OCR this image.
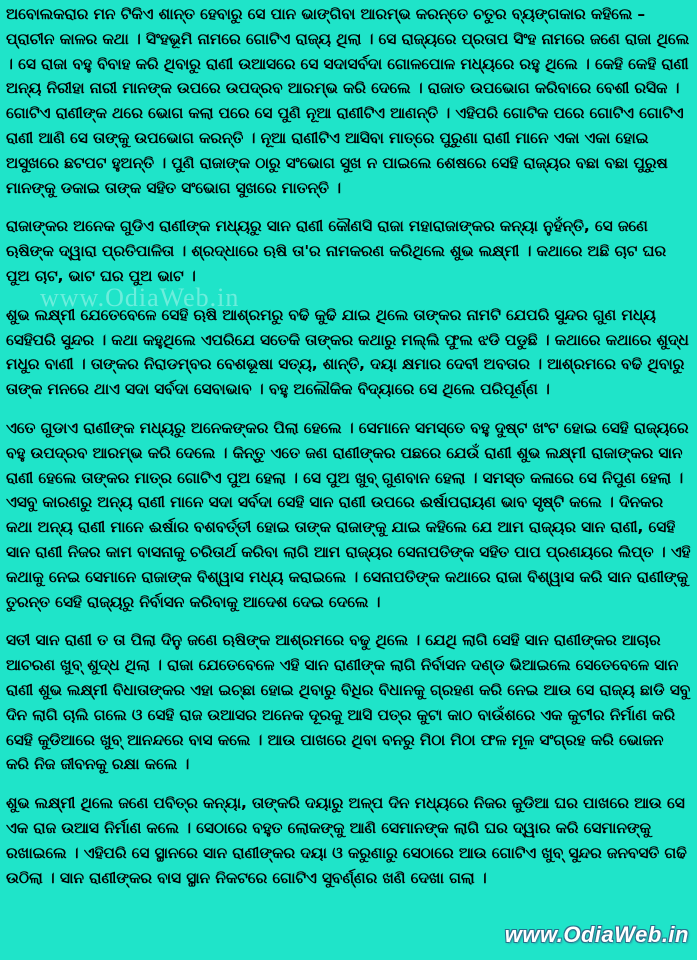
ଅବୋଲକରାର ମନ ଟିକିଏ ଶାନ୍ତ ହେବାରୁ ସେ ପାନ ଭାଙ୍ଗିବା ଆରମ୍ଭ କରନ୍ତେ ଚତୁର ବ୍ୟଙ୍ଗକାର କହିଲେ – ପ୍ରାଚୀନ କାଳର କଥା । ସିଂହଭୂମି ନାମରେ ଗୋଟିଏ ରାଜ୍ୟ ଥିଲା । ସେ ରାଜ୍ୟରେ ପ୍ରତାପ ସିଂହ ନାମରେ ଜଣେ ରାଜା ଥିଲେ । ସେ ରାଜା ବହୁ ବିବାହ କରି ଥିବାରୁ ରାଣୀ ଉଆସରେ ସେ ସଦାସର୍ବଦା ଗୋଳପୋଳ ମଧ୍ୟରେ ରହୁ ଥିଲେ । କେହି କେହି ରାଣୀ ଅନ୍ୟ ନିରୀହା ନାରୀ ମାନଙ୍କ ଉପରେ ଉପଦ୍ରବ ଆରମ୍ଭ କରି ଦେଲେ । ରାଜାତ ଉପଭୋଗ କରିବାରେ ବେଶୀ ରସିକ । ଗୋଟିଏ ରାଣୀଙ୍କ ଥରେ ଭୋଗ କଲା ପରେ ସେ ପୁଣି ନୂଆ ରାଣୀଟିଏ ଆଣନ୍ତି । ଏହିପରି ଗୋଟିକ ପରେ ଗୋଟିଏ ଗୋଟିଏ ରାଣୀ ଆଣି ସେ ତାଙ୍କୁ ଉପଭୋଗ କରନ୍ତି । ନୂଆ ରାଣୀଟିଏ ଆସିବା ମାତ୍ରେ ପୁରୁଣା ରାଣୀ ମାନେ ଏକା ଏକା ହୋଇ ଅସୁଖରେ ଛଟପଟ ହୁଅନ୍ତି । ପୁଣି ରାଜାଙ୍କ ଠାରୁ ସଂଭୋଗ ସୁଖ ନ ପାଇଲେ ଶେଷରେ ସେହି ରାଜ୍ୟର ବଛା ବଛା ପୁରୁଷ ମାନଙ୍କୁ ଡକାଇ ତାଙ୍କ ସହିତ ସଂଭୋଗ ସୁଖରେ ମାତନ୍ତି ।

ରାଜାଙ୍କର ଅନେକ ଗୁଡିଏ ରାଣୀଙ୍କ ମଧ୍ୟରୁ ସାନ ରାଣୀ କୌଣସି ରାଜା ମହାରାଜାଙ୍କର କନ୍ୟା ନୁହଁନ୍ତି, ସେ ଜଣେ ଋଷିଙ୍କ ଦ୍ୱାରା ପ୍ରତିପାଳିତା । ଶ୍ରଦ୍ଧାରେ ଋଷି ତା'ର ନାମକରଣ କରିଥିଲେ ଶୁଭ ଲକ୍ଷ୍ମୀ । କଥାରେ ଅଛି ଚାଟ ଘର ପୁଅ ଚାଟ, ଭାଟ ଘର ପୁଅ ଭାଟ ।

ଶୁଭ ଲକ୍ଷ୍ମୀ ଯେତେବେଳେ ସେହି ଋଷି ଆଶ୍ରମରୁ ବଢି କୁଢି ଯାଇ ଥିଲେ ତାଙ୍କର ନାମଟି ଯେପରି ସୁନ୍ଦର ଗୁଣ ମଧ୍ୟ ସେହିପରି ସୁନ୍ଦର । କଥା କହୁଥିଲେ ଏପରିଯେ ସତେକି ତାଙ୍କର କଥାରୁ ମଲ୍ଲି ଫୁଲ ଝଡି ପଡୁଛି । କଥାରେ କଥାରେ ଶୁଦ୍ଧ ମଧୁର ବାଣୀ । ତାଙ୍କର ନିରାଡମ୍ବର ବେଶଭୂଷା ସତ୍ୟ, ଶାନ୍ତି, ଦୟା କ୍ଷମାର ଦେବୀ ଅବତାର । ଆଶ୍ରମରେ ବଢି ଥିବାରୁ ତାଙ୍କ ମନରେ ଥାଏ ସଦା ସର୍ବଦା ସେବାଭାବ । ବହୁ ଅଲୌକିକ ବିଦ୍ୟାରେ ସେ ଥିଲେ ପରିପୂର୍ଣ୍ଣ ।

ଏତେ ଗୁଡାଏ ରାଣୀଙ୍କ ମଧ୍ୟରୁ ଅନେକଙ୍କର ପିଲା ହେଲେ । ସେମାନେ ସମସ୍ତେ ବହୁ ଦୁଷ୍ଟ ଖଂଟ ହୋଇ ସେହି ରାଜ୍ୟରେ ବହୁ ଉପଦ୍ରବ ଆରମ୍ଭ କରି ଦେଲେ । କିନ୍ତୁ ଏତେ ଜଣ ରାଣୀଙ୍କର ପଛରେ ଯେଉଁ ରାଣୀ ଶୁଭ ଲକ୍ଷ୍ମୀ ରାଜାଙ୍କର ସାନ ରାଣୀ ହେଲେ ତାଙ୍କର ମାତ୍ର ଗୋଟିଏ ପୁଅ ହେଲା । ସେ ପୁଅ ଖୁବ୍ ଗୁଣବାନ ହେଲା । ସମସ୍ତ କଳାରେ ସେ ନିପୁଣ ହେଲା । ଏସବୁ କାରଣରୁ ଅନ୍ୟ ରାଣୀ ମାନେ ସଦା ସର୍ବଦା ସେହି ସାନ ରାଣୀ ଉପରେ ଈର୍ଷାପରାୟଣ ଭାବ ସୃଷ୍ଟି କଲେ । ଦିନକର କଥା ଅନ୍ୟ ରାଣୀ ମାନେ ଈର୍ଷାର ବଶବର୍ତ୍ତୀ ହୋଇ ତାଙ୍କ ରାଜାଙ୍କୁ ଯାଇ କହିଲେ ଯେ ଆମ ରାଜ୍ୟର ସାନ ରାଣୀ, ସେହି ସାନ ରାଣୀ ନିଜର କାମ ବାସନାକୁ ଚରିତାର୍ଥ କରିବା ଲାଗି ଆମ ରାଜ୍ୟର ସେନାପତିଙ୍କ ସହିତ ପାପ ପ୍ରଣୟରେ ଲିପ୍ତ । ଏହି କଥାକୁ ନେଇ ସେମାନେ ରାଜାଙ୍କ ବିଶ୍ୱାସ ମଧ୍ୟ କରାଇଲେ । ସେନାପତିଙ୍କ କଥାରେ ରାଜା ବିଶ୍ୱାସ କରି ସାନ ରାଣୀଙ୍କୁ ତୁରନ୍ତ ସେହି ରାଜ୍ୟରୁ ନିର୍ବାସନ କରିବାକୁ ଆଦେଶ ଦେଇ ଦେଲେ ।

ସତୀ ସାନ ରାଣୀ ତ ତା ପିଲା ଦିନୁ ଜଣେ ଋଷିଙ୍କ ଆଶ୍ରମରେ ବଢୁ ଥିଲେ । ଯେଥି ଲାଗି ସେହି ସାନ ରାଣୀଙ୍କର ଆଚାର ଆଚରଣ ଖୁବ୍ ଶୁଦ୍ଧ ଥିଲା । ରାଜା ଯେତେବେଳେ ଏହି ସାନ ରାଣୀଙ୍କ ଲାଗି ନିର୍ବାସନ ଦଣ୍ଡ ଭିଆଇଲେ ସେତେବେଳେ ସାନ ରାଣୀ ଶୁଭ ଲକ୍ଷ୍ମୀ ବିଧାତାଙ୍କର ଏହା ଇଚ୍ଛା ହୋଇ ଥିବାରୁ ବିଧିର ବିଧାନକୁ ଗ୍ରହଣ କରି ନେଇ ଆଉ ସେ ରାଜ୍ୟ ଛାଡି ସବୁ ଦିନ ଲାଗି ଚାଲି ଗଲେ ଓ ସେହି ରାଜ ଉଆସର ଅନେକ ଦୂରକୁ ଆସି ପତ୍ର କୁଟା କାଠ ବାଉଁଶରେ ଏକ କୁଟୀର ନିର୍ମାଣ କରି ସେହି କୁଡିଆରେ ଖୁବ୍ ଆନନ୍ଦରେ ବାସ କଲେ । ଆଉ ପାଖରେ ଥିବା ବନରୁ ମିଠା ମିଠା ଫଳ ମୂଳ ସଂଗ୍ରହ କରି ଭୋଜନ କରି ନିଜ ଜୀବନକୁ ରକ୍ଷା କଲେ ।

ଶୁଭ ଲକ୍ଷ୍ମୀ ଥିଲେ ଜଣେ ପବିତ୍ର କନ୍ୟା, ତାଙ୍କରି ଦୟାରୁ ଅଳ୍ପ ଦିନ ମଧ୍ୟରେ ନିଜର କୁଡିଆ ଘର ପାଖରେ ଆଉ ସେ ଏକ ରାଜ ଉଆସ ନିର୍ମାଣ କଲେ । ସେଠାରେ ବହୁତ ଲୋକଙ୍କୁ ଆଣି ସେମାନଙ୍କ ଲାଗି ଘର ଦ୍ୱାର କରି ସେମାନଙ୍କୁ ରଖାଇଲେ । ଏହିପରି ସେ ସ୍ଥାନରେ ସାନ ରାଣୀଙ୍କର ଦୟା ଓ କରୁଣାରୁ ସେଠାରେ ଆଉ ଗୋଟିଏ ଖୁବ୍ ସୁନ୍ଦର ଜନବସତି ଗଢି ଉଠିଲା । ସାନ ରାଣୀଙ୍କର ବାସ ସ୍ଥାନ ନିକଟରେ ଗୋଟିଏ ସୁବର୍ଣ୍ଣର ଖଣି ଦେଖା ଗଲା ।

www.OdiaWeb.in
www.OdiaWeb.in
